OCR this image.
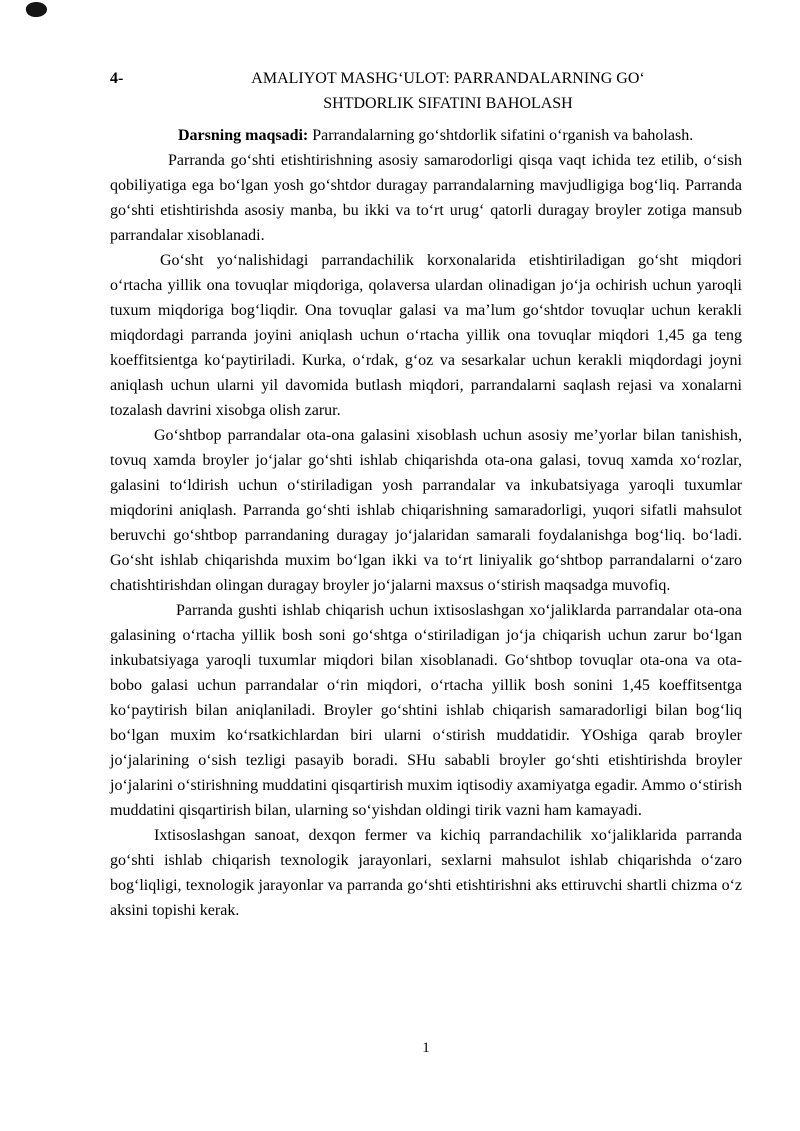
4-	AMALIYOT MASHG‘ULOT: PARRANDALARNING GO‘
SHTDORLIK SIFATINI BAHOLASH

Darsning maqsadi: Parrandalarning go‘shtdorlik sifatini o‘rganish va baholash.

Parranda go‘shti etishtirishning asosiy samarodorligi qisqa vaqt ichida tez etilib, o‘sish qobiliyatiga ega bo‘lgan yosh go‘shtdor duragay parrandalarning mavjudligiga bog‘liq. Parranda go‘shti etishtirishda asosiy manba, bu ikki va to‘rt urug‘ qatorli duragay broyler zotiga mansub parrandalar xisoblanadi.

Go‘sht yo‘nalishidagi parrandachilik korxonalarida etishtiriladigan go‘sht miqdori o‘rtacha yillik ona tovuqlar miqdoriga, qolaversa ulardan olinadigan jo‘ja ochirish uchun yaroqli tuxum miqdoriga bog‘liqdir. Ona tovuqlar galasi va ma’lum go‘shtdor tovuqlar uchun kerakli miqdordagi parranda joyini aniqlash uchun o‘rtacha yillik ona tovuqlar miqdori 1,45 ga teng koeffitsientga ko‘paytiriladi. Kurka, o‘rdak, g‘oz va sesarkalar uchun kerakli miqdordagi joyni aniqlash uchun ularni yil davomida butlash miqdori, parrandalarni saqlash rejasi va xonalarni tozalash davrini xisobga olish zarur.

Go‘shtbop parrandalar ota-ona galasini xisoblash uchun asosiy me’yorlar bilan tanishish, tovuq xamda broyler jo‘jalar go‘shti ishlab chiqarishda ota-ona galasi, tovuq xamda xo‘rozlar, galasini to‘ldirish uchun o‘stiriladigan yosh parrandalar va inkubatsiyaga yaroqli tuxumlar miqdorini aniqlash. Parranda go‘shti ishlab chiqarishning samaradorligi, yuqori sifatli mahsulot beruvchi go‘shtbop parrandaning duragay jo‘jalaridan samarali foydalanishga bog‘liq. bo‘ladi. Go‘sht ishlab chiqarishda muxim bo‘lgan ikki va to‘rt liniyalik go‘shtbop parrandalarni o‘zaro chatishtirishdan olingan duragay broyler jo‘jalarni maxsus o‘stirish maqsadga muvofiq.

Parranda gushti ishlab chiqarish uchun ixtisoslashgan xo‘jaliklarda parrandalar ota-ona galasining o‘rtacha yillik bosh soni go‘shtga o‘stiriladigan jo‘ja chiqarish uchun zarur bo‘lgan inkubatsiyaga yaroqli tuxumlar miqdori bilan xisoblanadi. Go‘shtbop tovuqlar ota-ona va ota-bobo galasi uchun parrandalar o‘rin miqdori, o‘rtacha yillik bosh sonini 1,45 koeffitsentga ko‘paytirish bilan aniqlaniladi. Broyler go‘shtini ishlab chiqarish samaradorligi bilan bog‘liq bo‘lgan muxim ko‘rsatkichlardan biri ularni o‘stirish muddatidir. YOshiga qarab broyler jo‘jalarining o‘sish tezligi pasayib boradi. SHu sababli broyler go‘shti etishtirishda broyler jo‘jalarini o‘stirishning muddatini qisqartirish muxim iqtisodiy axamiyatga egadir. Ammo o‘stirish muddatini qisqartirish bilan, ularning so‘yishdan oldingi tirik vazni ham kamayadi.

Ixtisoslashgan sanoat, dexqon fermer va kichiq parrandachilik xo‘jaliklarida parranda go‘shti ishlab chiqarish texnologik jarayonlari, sexlarni mahsulot ishlab chiqarishda o‘zaro bog‘liqligi, texnologik jarayonlar va parranda go‘shti etishtirishni aks ettiruvchi shartli chizma o‘z aksini topishi kerak.

1
